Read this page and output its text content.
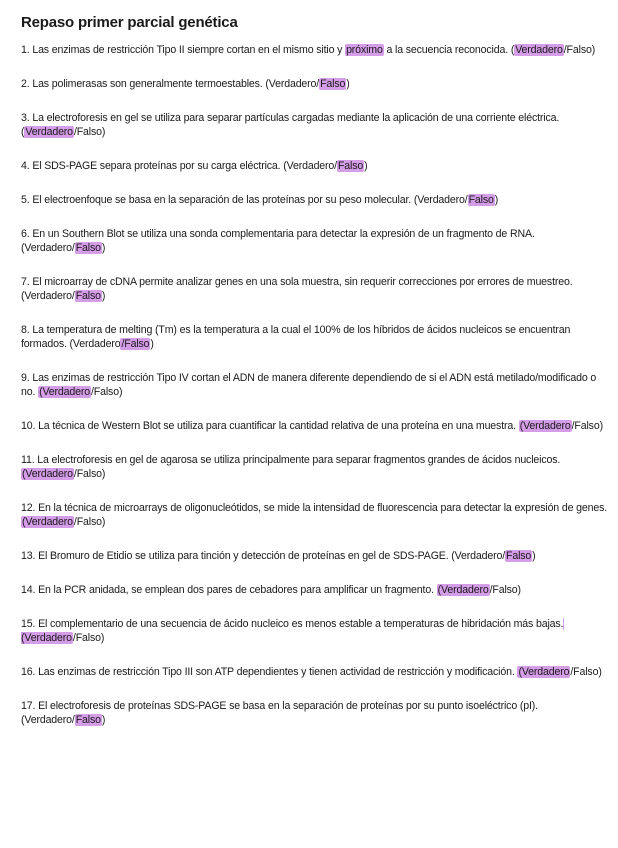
Repaso primer parcial genética

1. Las enzimas de restricción Tipo II siempre cortan en el mismo sitio y próximo a la secuencia reconocida. (Verdadero/Falso)

2. Las polimerasas son generalmente termoestables. (Verdadero/Falso)

3. La electroforesis en gel se utiliza para separar partículas cargadas mediante la aplicación de una corriente eléctrica. (Verdadero/Falso)

4. El SDS-PAGE separa proteínas por su carga eléctrica. (Verdadero/Falso)

5. El electroenfoque se basa en la separación de las proteínas por su peso molecular. (Verdadero/Falso)

6. En un Southern Blot se utiliza una sonda complementaria para detectar la expresión de un fragmento de RNA. (Verdadero/Falso)

7. El microarray de cDNA permite analizar genes en una sola muestra, sin requerir correcciones por errores de muestreo. (Verdadero/Falso)

8. La temperatura de melting (Tm) es la temperatura a la cual el 100% de los híbridos de ácidos nucleicos se encuentran formados. (Verdadero/Falso)

9. Las enzimas de restricción Tipo IV cortan el ADN de manera diferente dependiendo de si el ADN está metilado/modificado o no. (Verdadero/Falso)

10. La técnica de Western Blot se utiliza para cuantificar la cantidad relativa de una proteína en una muestra. (Verdadero/Falso)

11. La electroforesis en gel de agarosa se utiliza principalmente para separar fragmentos grandes de ácidos nucleicos. (Verdadero/Falso)

12. En la técnica de microarrays de oligonucleótidos, se mide la intensidad de fluorescencia para detectar la expresión de genes. (Verdadero/Falso)

13. El Bromuro de Etidio se utiliza para tinción y detección de proteínas en gel de SDS-PAGE. (Verdadero/Falso)

14. En la PCR anidada, se emplean dos pares de cebadores para amplificar un fragmento. (Verdadero/Falso)

15. El complementario de una secuencia de ácido nucleico es menos estable a temperaturas de hibridación más bajas. (Verdadero/Falso)

16. Las enzimas de restricción Tipo III son ATP dependientes y tienen actividad de restricción y modificación. (Verdadero/Falso)

17. El electroforesis de proteínas SDS-PAGE se basa en la separación de proteínas por su punto isoeléctrico (pI). (Verdadero/Falso)
